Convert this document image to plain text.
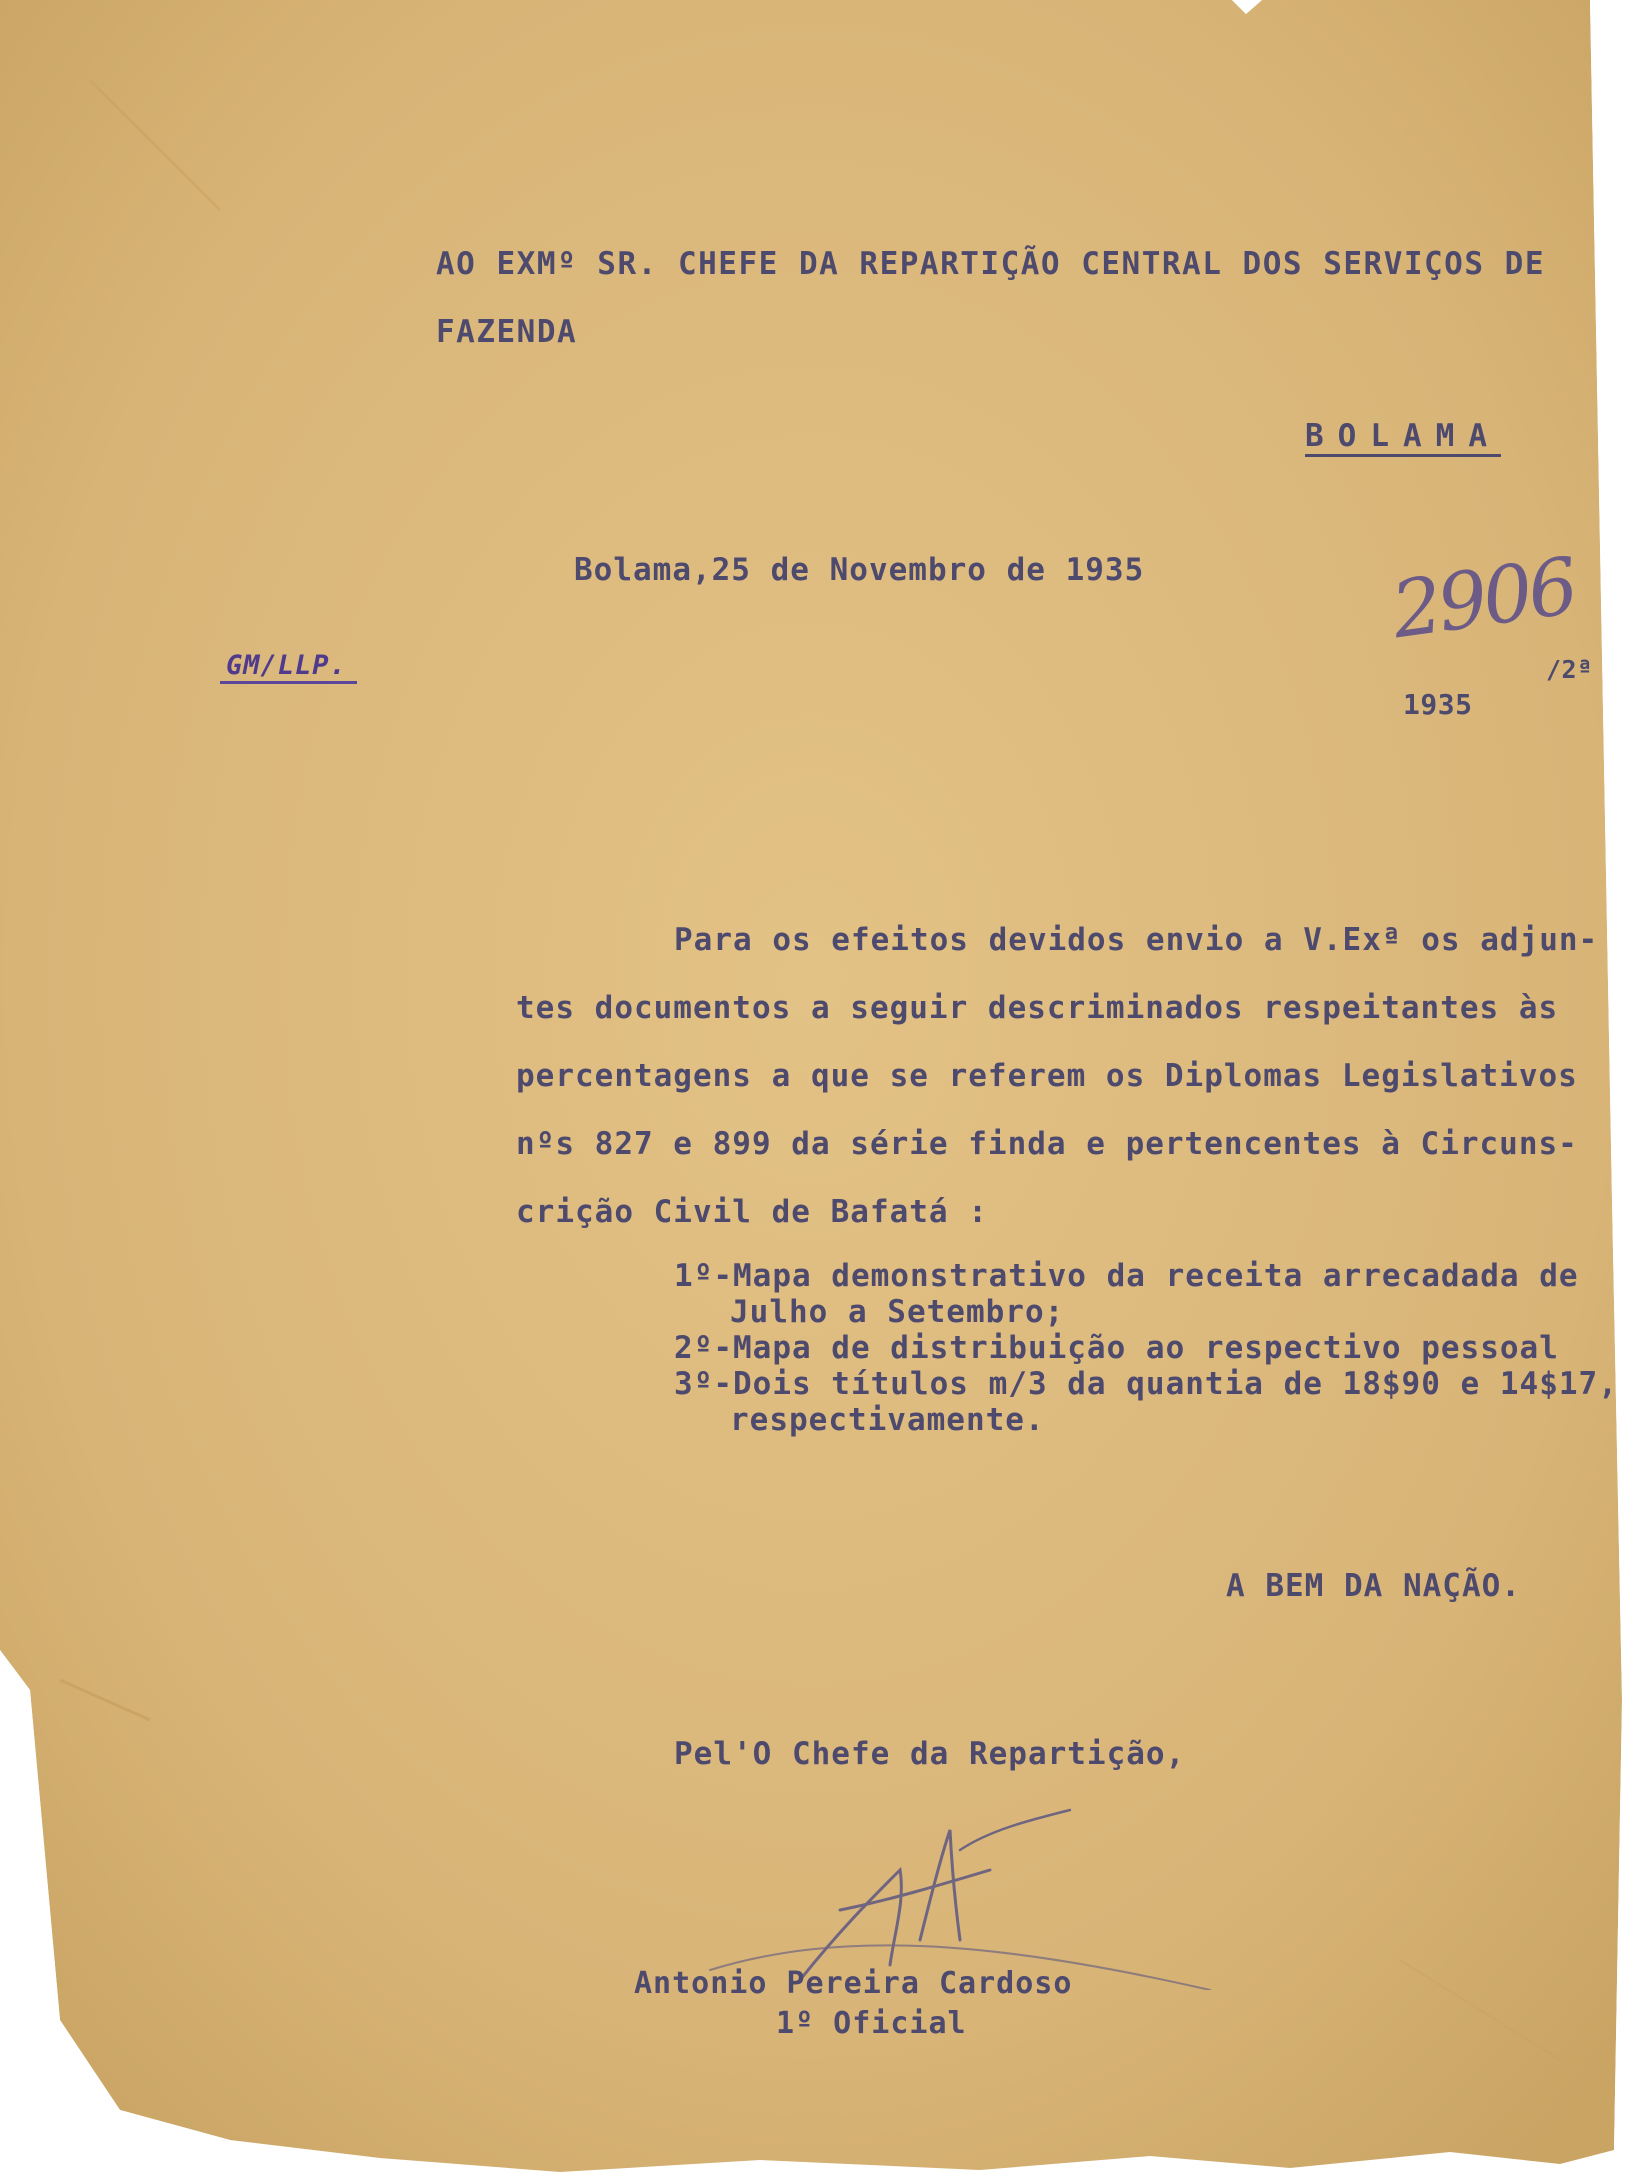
AO EXMº SR. CHEFE DA REPARTIÇÃO CENTRAL DOS SERVIÇOS DE
FAZENDA
BOLAMA
Bolama,25 de Novembro de 1935
GM/LLP.
2906
/2ª
1935
Para os efeitos devidos envio a V.Exª os adjun-
tes documentos a seguir descriminados respeitantes às
percentagens a que se referem os Diplomas Legislativos
nºs 827 e 899 da série finda e pertencentes à Circuns-
crição Civil de Bafatá :
1º-Mapa demonstrativo da receita arrecadada de
Julho a Setembro;
2º-Mapa de distribuição ao respectivo pessoal
3º-Dois títulos m/3 da quantia de 18$90 e 14$17,
respectivamente.
A BEM DA NAÇÃO.
Pel'O Chefe da Repartição,
Antonio Pereira Cardoso
1º Oficial
